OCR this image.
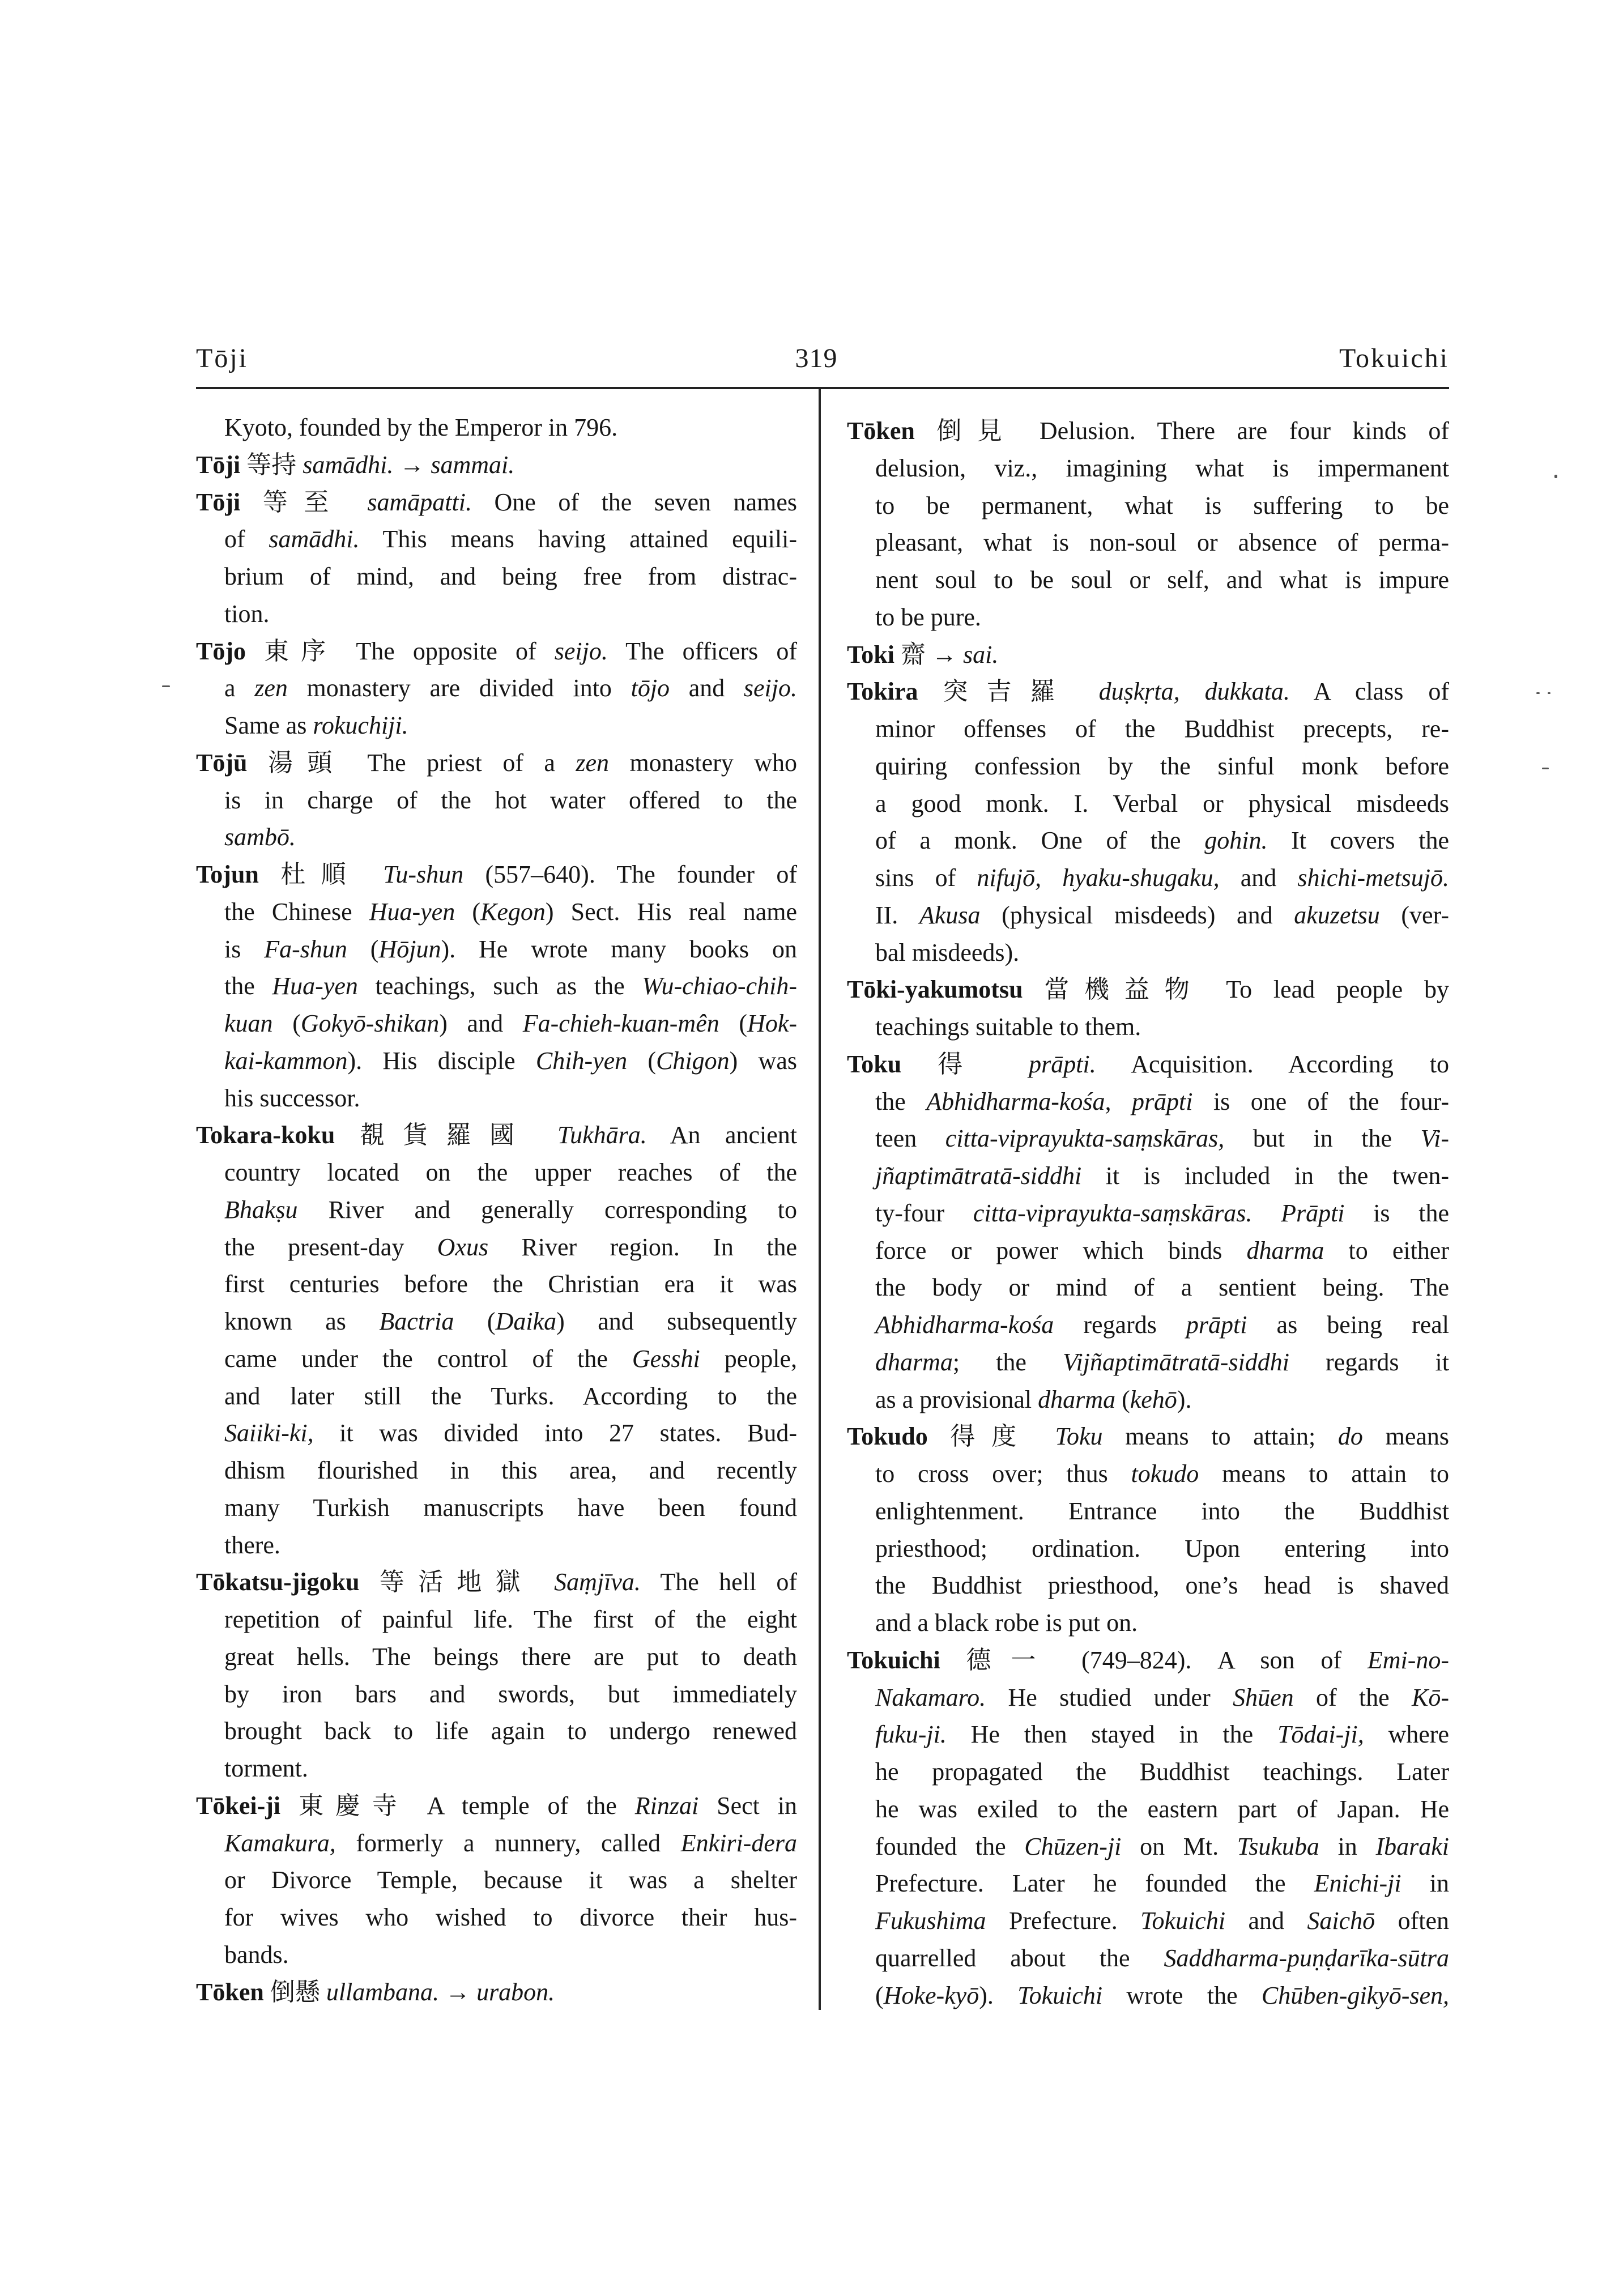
Tōji	319	Tokuichi
Kyoto, founded by the Emperor in 796.
Tōji 等持 samādhi. → sammai.
Tōji 等至 samāpatti. One of the seven names
of samādhi. This means having attained equili-
brium of mind, and being free from distrac-
tion.
Tōjo 東序 The opposite of seijo. The officers of
a zen monastery are divided into tōjo and seijo.
Same as rokuchiji.
Tōjū 湯頭 The priest of a zen monastery who
is in charge of the hot water offered to the
sambō.
Tojun 杜順 Tu-shun (557–640). The founder of
the Chinese Hua-yen (Kegon) Sect. His real name
is Fa-shun (Hōjun). He wrote many books on
the Hua-yen teachings, such as the Wu-chiao-chih-
kuan (Gokyō-shikan) and Fa-chieh-kuan-mên (Hok-
kai-kammon). His disciple Chih-yen (Chigon) was
his successor.
Tokara-koku 覩貨羅國 Tukhāra. An ancient
country located on the upper reaches of the
Bhakṣu River and generally corresponding to
the present-day Oxus River region. In the
first centuries before the Christian era it was
known as Bactria (Daika) and subsequently
came under the control of the Gesshi people,
and later still the Turks. According to the
Saiiki-ki, it was divided into 27 states. Bud-
dhism flourished in this area, and recently
many Turkish manuscripts have been found
there.
Tōkatsu-jigoku 等活地獄 Saṃjīva. The hell of
repetition of painful life. The first of the eight
great hells. The beings there are put to death
by iron bars and swords, but immediately
brought back to life again to undergo renewed
torment.
Tōkei-ji 東慶寺 A temple of the Rinzai Sect in
Kamakura, formerly a nunnery, called Enkiri-dera
or Divorce Temple, because it was a shelter
for wives who wished to divorce their hus-
bands.
Tōken 倒懸 ullambana. → urabon.
Tōken 倒見 Delusion. There are four kinds of
delusion, viz., imagining what is impermanent
to be permanent, what is suffering to be
pleasant, what is non-soul or absence of perma-
nent soul to be soul or self, and what is impure
to be pure.
Toki 齋 → sai.
Tokira 突吉羅 duṣkṛta, dukkata. A class of
minor offenses of the Buddhist precepts, re-
quiring confession by the sinful monk before
a good monk. I. Verbal or physical misdeeds
of a monk. One of the gohin. It covers the
sins of nifujō, hyaku-shugaku, and shichi-metsujō.
II. Akusa (physical misdeeds) and akuzetsu (ver-
bal misdeeds).
Tōki-yakumotsu 當機益物 To lead people by
teachings suitable to them.
Toku 得 prāpti. Acquisition. According to
the Abhidharma-kośa, prāpti is one of the four-
teen citta-viprayukta-saṃskāras, but in the Vi-
jñaptimātratā-siddhi it is included in the twen-
ty-four citta-viprayukta-saṃskāras. Prāpti is the
force or power which binds dharma to either
the body or mind of a sentient being. The
Abhidharma-kośa regards prāpti as being real
dharma; the Vijñaptimātratā-siddhi regards it
as a provisional dharma (kehō).
Tokudo 得度 Toku means to attain; do means
to cross over; thus tokudo means to attain to
enlightenment. Entrance into the Buddhist
priesthood; ordination. Upon entering into
the Buddhist priesthood, one’s head is shaved
and a black robe is put on.
Tokuichi 德一 (749–824). A son of Emi-no-
Nakamaro. He studied under Shūen of the Kō-
fuku-ji. He then stayed in the Tōdai-ji, where
he propagated the Buddhist teachings. Later
he was exiled to the eastern part of Japan. He
founded the Chūzen-ji on Mt. Tsukuba in Ibaraki
Prefecture. Later he founded the Enichi-ji in
Fukushima Prefecture. Tokuichi and Saichō often
quarrelled about the Saddharma-puṇḍarīka-sūtra
(Hoke-kyō). Tokuichi wrote the Chūben-gikyō-sen,
